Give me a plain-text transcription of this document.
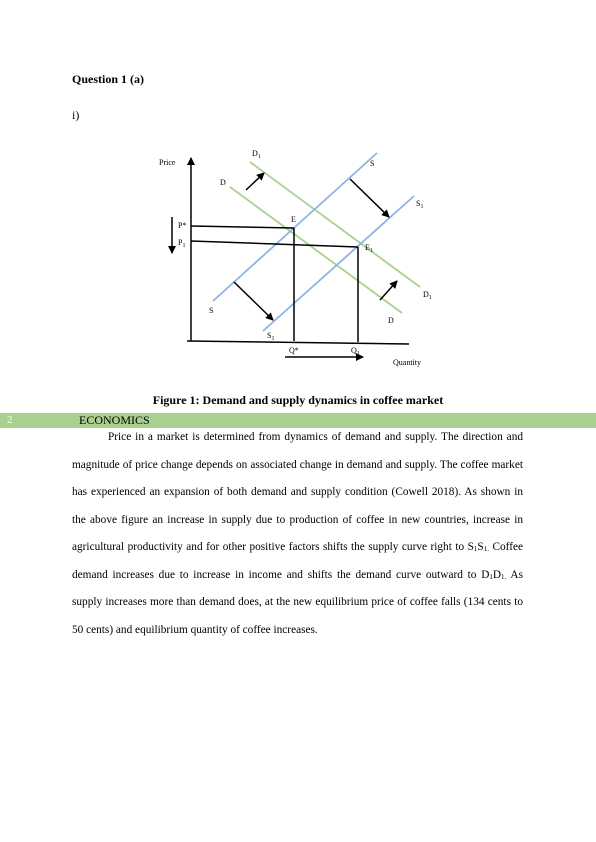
Question 1 (a)
i)
Price
Quantity
$D_1$
D
S
$S_1$
E
$E_1$
P*
$P_1$
$D_1$
D
S
$S_1$
Q*	$Q_1$
Figure 1: Demand and supply dynamics in coffee market
2	ECONOMICS

Price in a market is determined from dynamics of demand and supply. The direction and magnitude of price change depends on associated change in demand and supply. The coffee market has experienced an expansion of both demand and supply condition (Cowell 2018). As shown in the above figure an increase in supply due to production of coffee in new countries, increase in agricultural productivity and for other positive factors shifts the supply curve right to $S_1S_{1.}$ Coffee demand increases due to increase in income and shifts the demand curve outward to $D_1D_{1.}$ As supply increases more than demand does, at the new equilibrium price of coffee falls (134 cents to 50 cents) and equilibrium quantity of coffee increases.
